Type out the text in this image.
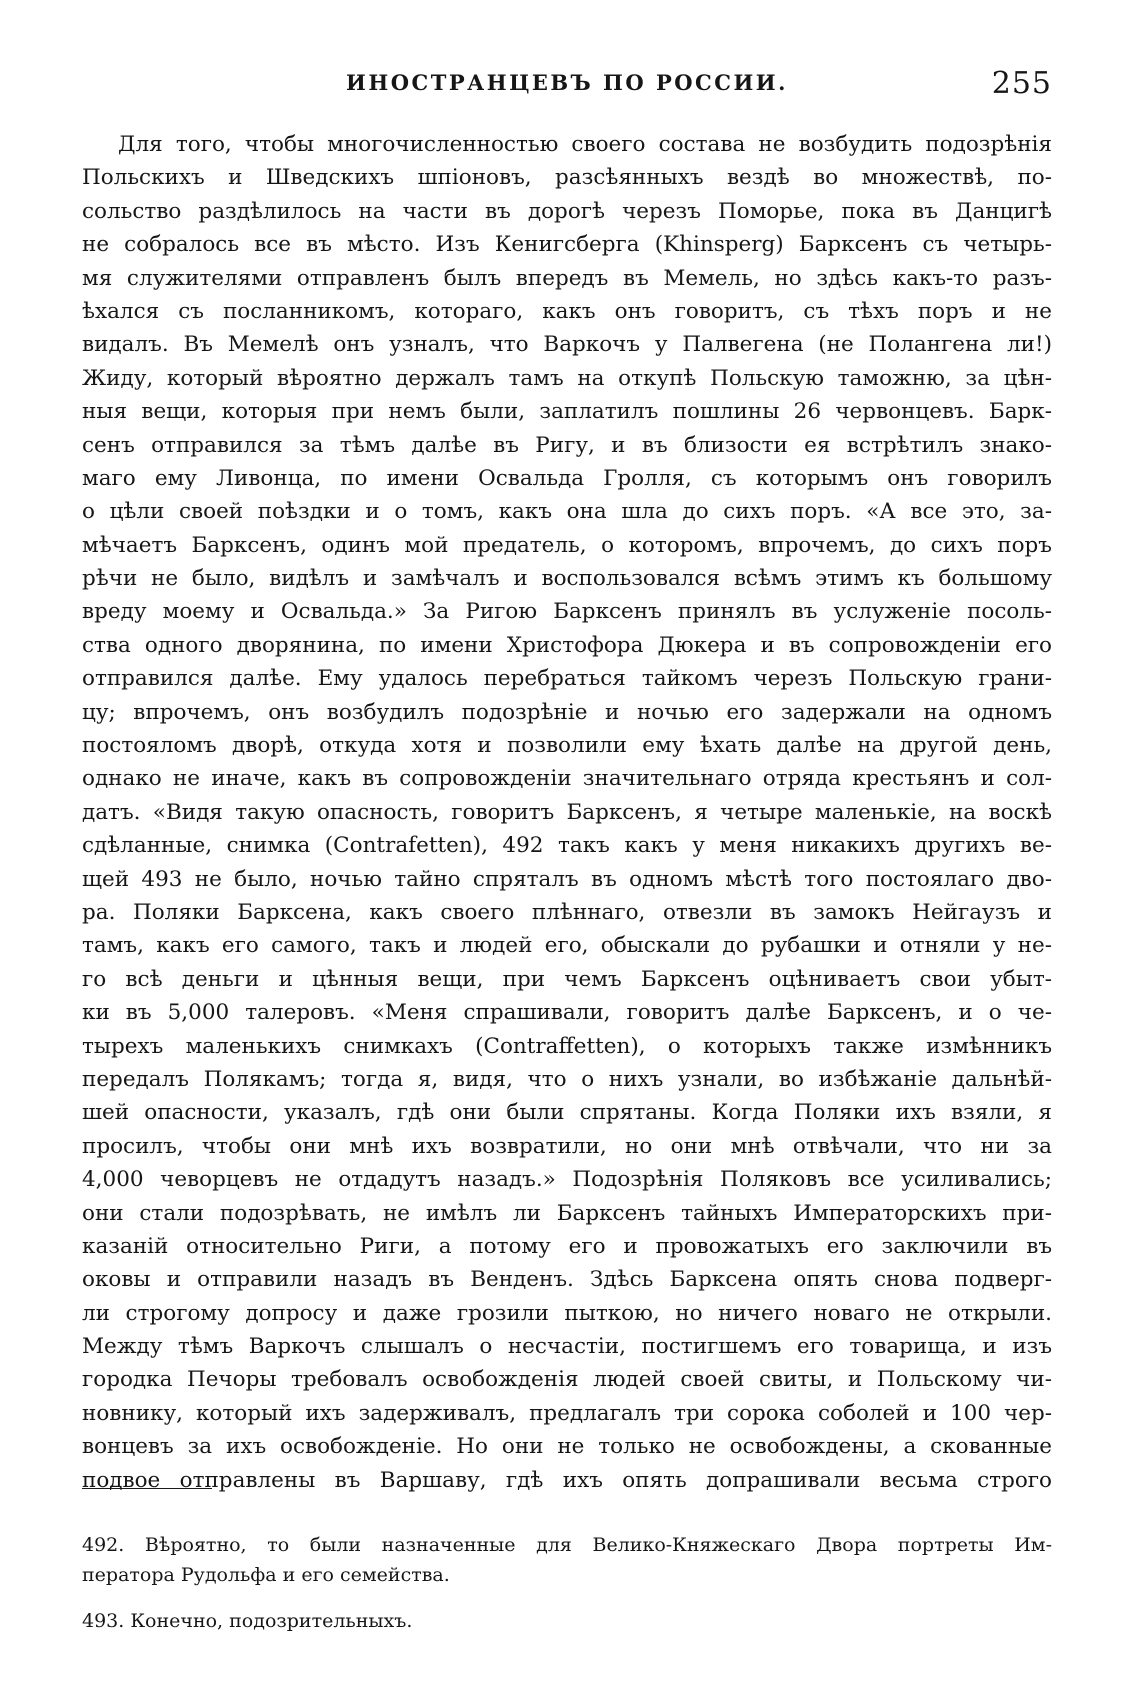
ИНОСТРАНЦЕВЪ ПО РОССИИ.	255
Для того, чтобы многочисленностью своего состава не возбудить подозрѣнія
Польскихъ и Шведскихъ шпіоновъ, разсѣянныхъ вездѣ во множествѣ, по-
сольство раздѣлилось на части въ дорогѣ черезъ Поморье, пока въ Данцигѣ
не собралось все въ мѣсто. Изъ Кенигсберга (Khinsperg) Барксенъ съ четырь-
мя служителями отправленъ былъ впередъ въ Мемель, но здѣсь какъ-то разъ-
ѣхался съ посланникомъ, котораго, какъ онъ говоритъ, съ тѣхъ поръ и не
видалъ. Въ Мемелѣ онъ узналъ, что Варкочъ у Палвегена (не Полангена ли!)
Жиду, который вѣроятно держалъ тамъ на откупѣ Польскую таможню, за цѣн-
ныя вещи, которыя при немъ были, заплатилъ пошлины 26 червонцевъ. Барк-
сенъ отправился за тѣмъ далѣе въ Ригу, и въ близости ея встрѣтилъ знако-
маго ему Ливонца, по имени Освальда Гролля, съ которымъ онъ говорилъ
о цѣли своей поѣздки и о томъ, какъ она шла до сихъ поръ. «А все это, за-
мѣчаетъ Барксенъ, одинъ мой предатель, о которомъ, впрочемъ, до сихъ поръ
рѣчи не было, видѣлъ и замѣчалъ и воспользовался всѣмъ этимъ къ большому
вреду моему и Освальда.» За Ригою Барксенъ принялъ въ услуженіе посоль-
ства одного дворянина, по имени Христофора Дюкера и въ сопровожденіи его
отправился далѣе. Ему удалось перебраться тайкомъ черезъ Польскую грани-
цу; впрочемъ, онъ возбудилъ подозрѣніе и ночью его задержали на одномъ
постояломъ дворѣ, откуда хотя и позволили ему ѣхать далѣе на другой день,
однако не иначе, какъ въ сопровожденіи значительнаго отряда крестьянъ и сол-
датъ. «Видя такую опасность, говоритъ Барксенъ, я четыре маленькіе, на воскѣ
сдѣланные, снимка (Contrafetten), 492 такъ какъ у меня никакихъ другихъ ве-
щей 493 не было, ночью тайно спряталъ въ одномъ мѣстѣ того постоялаго дво-
ра. Поляки Барксена, какъ своего плѣннаго, отвезли въ замокъ Нейгаузъ и
тамъ, какъ его самого, такъ и людей его, обыскали до рубашки и отняли у не-
го всѣ деньги и цѣнныя вещи, при чемъ Барксенъ оцѣниваетъ свои убыт-
ки въ 5,000 талеровъ. «Меня спрашивали, говоритъ далѣе Барксенъ, и о че-
тырехъ маленькихъ снимкахъ (Contraffetten), о которыхъ также измѣнникъ
передалъ Полякамъ; тогда я, видя, что о нихъ узнали, во избѣжаніе дальнѣй-
шей опасности, указалъ, гдѣ они были спрятаны. Когда Поляки ихъ взяли, я
просилъ, чтобы они мнѣ ихъ возвратили, но они мнѣ отвѣчали, что ни за
4,000 чеворцевъ не отдадутъ назадъ.» Подозрѣнія Поляковъ все усиливались;
они стали подозрѣвать, не имѣлъ ли Барксенъ тайныхъ Императорскихъ при-
казаній относительно Риги, а потому его и провожатыхъ его заключили въ
оковы и отправили назадъ въ Венденъ. Здѣсь Барксена опять снова подверг-
ли строгому допросу и даже грозили пыткою, но ничего новаго не открыли.
Между тѣмъ Варкочъ слышалъ о несчастіи, постигшемъ его товарища, и изъ
городка Печоры требовалъ освобожденія людей своей свиты, и Польскому чи-
новнику, который ихъ задерживалъ, предлагалъ три сорока соболей и 100 чер-
вонцевъ за ихъ освобожденіе. Но они не только не освобождены, а скованные
подвое отправлены въ Варшаву, гдѣ ихъ опять допрашивали весьма строго
492. Вѣроятно, то были назначенные для Велико-Княжескаго Двора портреты Им-
ператора Рудольфа и его семейства.
493. Конечно, подозрительныхъ.
